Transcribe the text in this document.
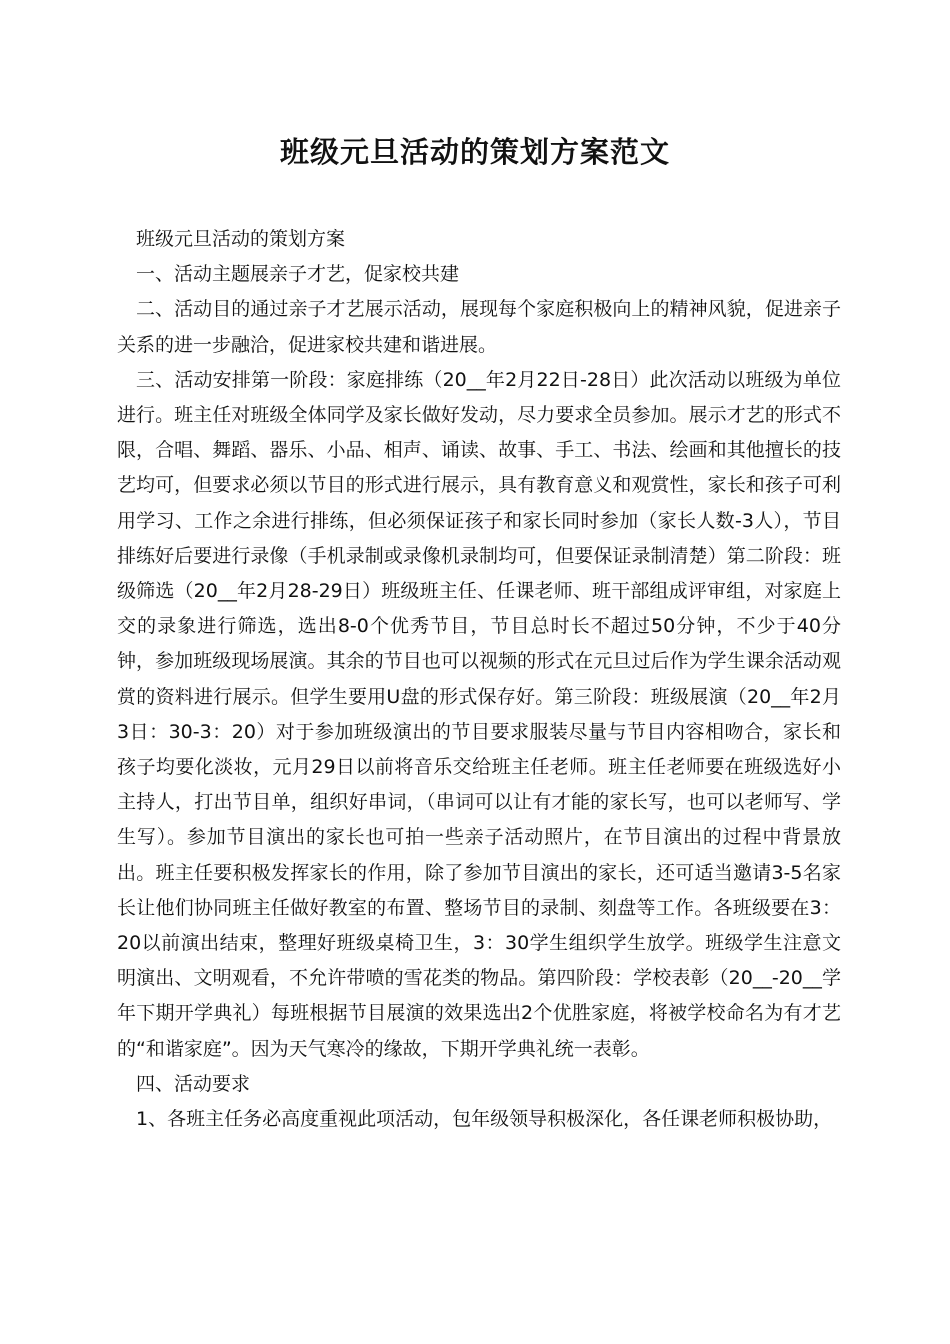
班级元旦活动的策划方案范文

班级元旦活动的策划方案

一、活动主题展亲子才艺，促家校共建

二、活动目的通过亲子才艺展示活动，展现每个家庭积极向上的精神风貌，促进亲子关系的进一步融洽，促进家校共建和谐进展。

三、活动安排第一阶段：家庭排练（20__年2月22日-28日）此次活动以班级为单位进行。班主任对班级全体同学及家长做好发动，尽力要求全员参加。展示才艺的形式不限，合唱、舞蹈、器乐、小品、相声、诵读、故事、手工、书法、绘画和其他擅长的技艺均可，但要求必须以节目的形式进行展示，具有教育意义和观赏性，家长和孩子可利用学习、工作之余进行排练，但必须保证孩子和家长同时参加（家长人数-3人），节目排练好后要进行录像（手机录制或录像机录制均可，但要保证录制清楚）第二阶段：班级筛选（20__年2月28-29日）班级班主任、任课老师、班干部组成评审组，对家庭上交的录象进行筛选，选出8-0个优秀节目，节目总时长不超过50分钟，不少于40分钟，参加班级现场展演。其余的节目也可以视频的形式在元旦过后作为学生课余活动观赏的资料进行展示。但学生要用U盘的形式保存好。第三阶段：班级展演（20__年2月3日：30-3：20）对于参加班级演出的节目要求服装尽量与节目内容相吻合，家长和孩子均要化淡妆，元月29日以前将音乐交给班主任老师。班主任老师要在班级选好小主持人，打出节目单，组织好串词，（串词可以让有才能的家长写，也可以老师写、学生写）。参加节目演出的家长也可拍一些亲子活动照片，在节目演出的过程中背景放出。班主任要积极发挥家长的作用，除了参加节目演出的家长，还可适当邀请3-5名家长让他们协同班主任做好教室的布置、整场节目的录制、刻盘等工作。各班级要在3：20以前演出结束，整理好班级桌椅卫生，3：30学生组织学生放学。班级学生注意文明演出、文明观看，不允许带喷的雪花类的物品。第四阶段：学校表彰（20__-20__学年下期开学典礼）每班根据节目展演的效果选出2个优胜家庭，将被学校命名为有才艺的“和谐家庭”。因为天气寒冷的缘故，下期开学典礼统一表彰。

四、活动要求

1、各班主任务必高度重视此项活动，包年级领导积极深化，各任课老师积极协助，
